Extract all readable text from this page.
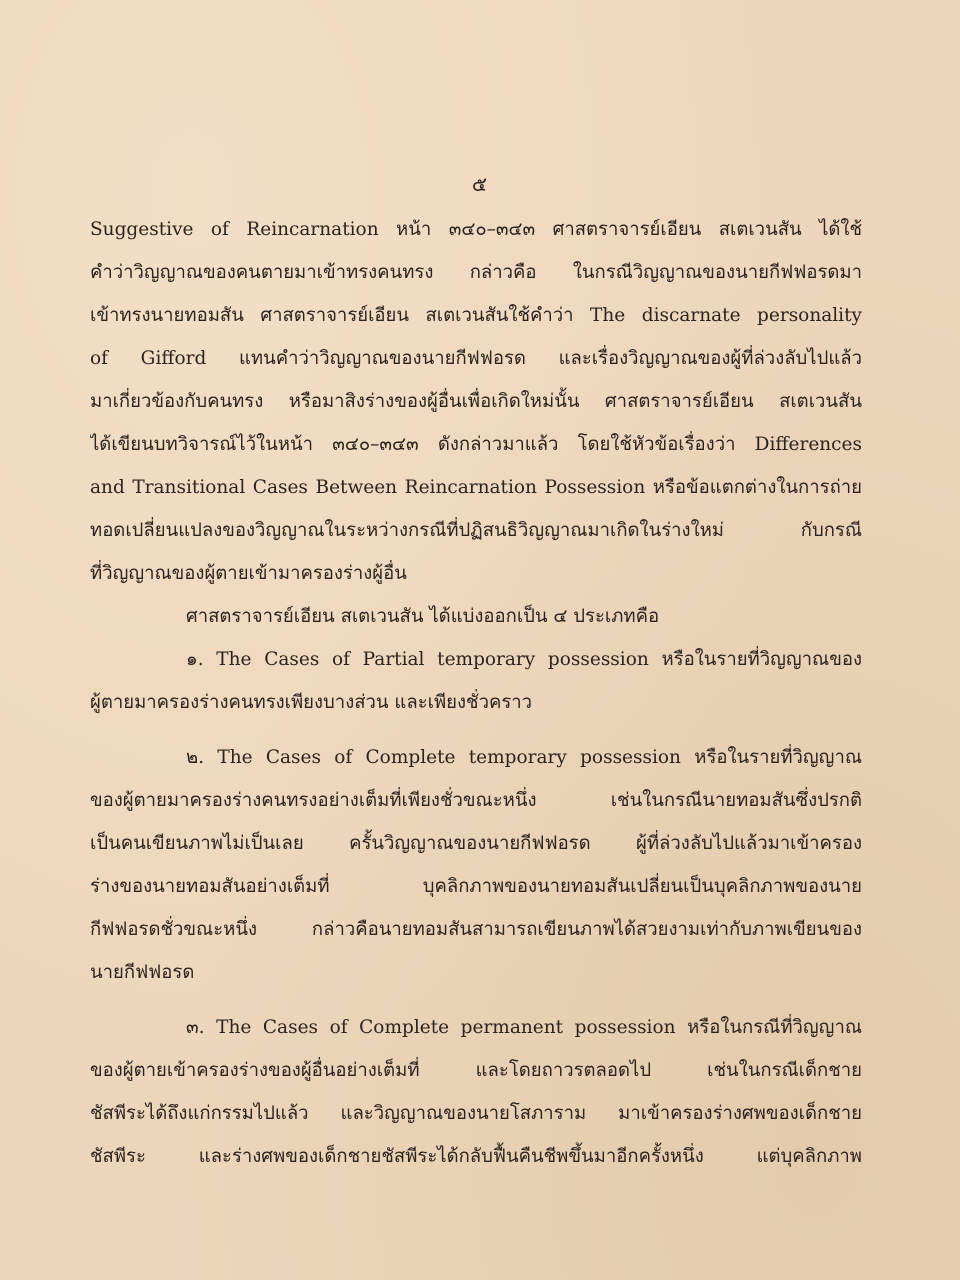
๕
Suggestive of Reincarnation หน้า ๓๔๐–๓๔๓ ศาสตราจารย์เอียน สเตเวนสัน ได้ใช้
คำว่าวิญญาณของคนตายมาเข้าทรงคนทรง กล่าวคือ ในกรณีวิญญาณของนายกีฟฟอรดมา
เข้าทรงนายทอมสัน ศาสตราจารย์เอียน สเตเวนสันใช้คำว่า The discarnate personality
of Gifford แทนคำว่าวิญญาณของนายกีฟฟอรด และเรื่องวิญญาณของผู้ที่ล่วงลับไปแล้ว
มาเกี่ยวข้องกับคนทรง หรือมาสิงร่างของผู้อื่นเพื่อเกิดใหม่นั้น ศาสตราจารย์เอียน สเตเวนสัน
ได้เขียนบทวิจารณ์ไว้ในหน้า ๓๔๐–๓๔๓ ดังกล่าวมาแล้ว โดยใช้หัวข้อเรื่องว่า Differences
and Transitional Cases Between Reincarnation Possession หรือข้อแตกต่างในการถ่าย
ทอดเปลี่ยนแปลงของวิญญาณในระหว่างกรณีที่ปฏิสนธิวิญญาณมาเกิดในร่างใหม่ กับกรณี
ที่วิญญาณของผู้ตายเข้ามาครองร่างผู้อื่น
ศาสตราจารย์เอียน สเตเวนสัน ได้แบ่งออกเป็น ๔ ประเภทคือ
๑. The Cases of Partial temporary possession หรือในรายที่วิญญาณของ
ผู้ตายมาครองร่างคนทรงเพียงบางส่วน และเพียงชั่วคราว
๒. The Cases of Complete temporary possession หรือในรายที่วิญญาณ
ของผู้ตายมาครองร่างคนทรงอย่างเต็มที่เพียงชั่วขณะหนึ่ง เช่นในกรณีนายทอมสันซึ่งปรกติ
เป็นคนเขียนภาพไม่เป็นเลย ครั้นวิญญาณของนายกีฟฟอรด ผู้ที่ล่วงลับไปแล้วมาเข้าครอง
ร่างของนายทอมสันอย่างเต็มที่ บุคลิกภาพของนายทอมสันเปลี่ยนเป็นบุคลิกภาพของนาย
กีฟฟอรดชั่วขณะหนึ่ง กล่าวคือนายทอมสันสามารถเขียนภาพได้สวยงามเท่ากับภาพเขียนของ
นายกีฟฟอรด
๓. The Cases of Complete permanent possession หรือในกรณีที่วิญญาณ
ของผู้ตายเข้าครองร่างของผู้อื่นอย่างเต็มที่ และโดยถาวรตลอดไป เช่นในกรณีเด็กชาย
ชัสพีระได้ถึงแก่กรรมไปแล้ว และวิญญาณของนายโสภาราม มาเข้าครองร่างศพของเด็กชาย
ชัสพีระ และร่างศพของเด็กชายชัสพีระได้กลับฟื้นคืนชีพขึ้นมาอีกครั้งหนึ่ง แต่บุคลิกภาพ
